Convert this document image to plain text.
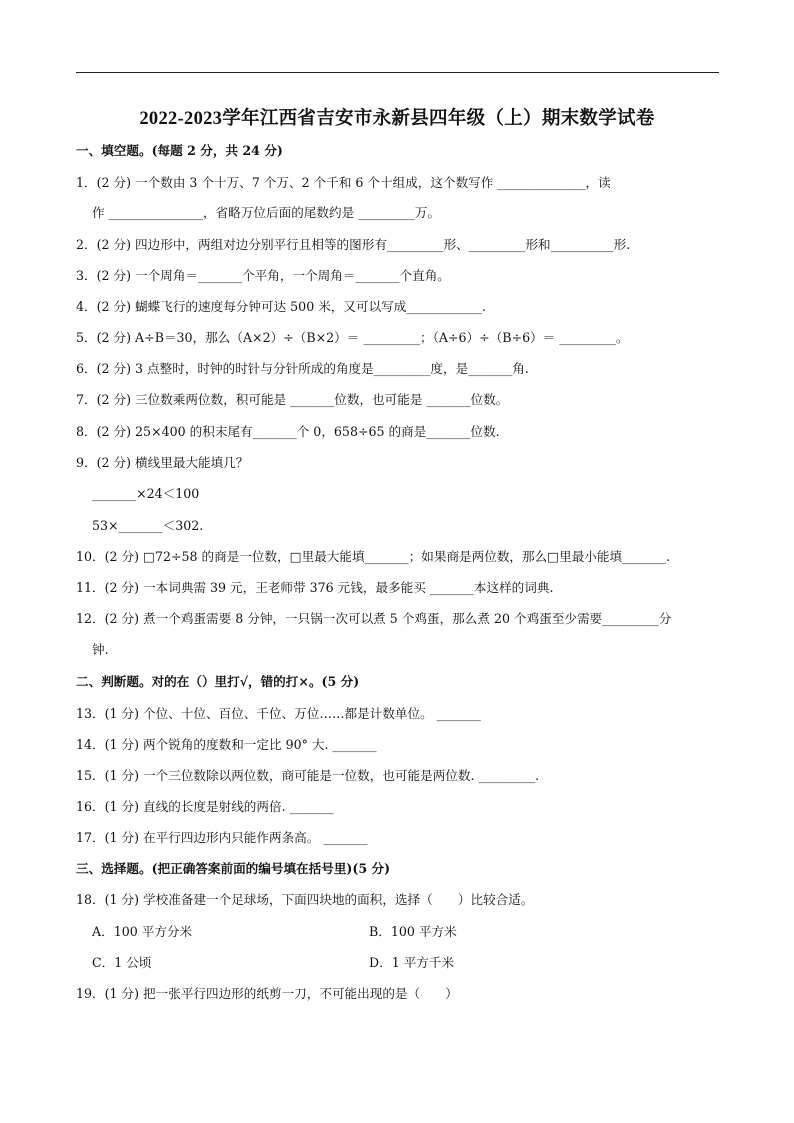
2022-2023学年江西省吉安市永新县四年级（上）期末数学试卷
一、填空题。(每题 2 分，共 24 分)
1．(2 分) 一个数由 3 个十万、7 个万、2 个千和 6 个十组成，这个数写作 ______________，读
作 _______________，省略万位后面的尾数约是 _________万。
2．(2 分) 四边形中，两组对边分别平行且相等的图形有_________形、_________形和__________形.
3．(2 分) 一个周角＝_______个平角，一个周角＝_______个直角。
4．(2 分) 蝴蝶飞行的速度每分钟可达 500 米，又可以写成____________.
5．(2 分) A÷B＝30，那么（A×2）÷（B×2）＝ _________；（A÷6）÷（B÷6）＝ _________。
6．(2 分) 3 点整时，时钟的时针与分针所成的角度是_________度，是_______角.
7．(2 分) 三位数乘两位数，积可能是 _______位数，也可能是 _______位数。
8．(2 分) 25×400 的积末尾有_______个 0，658÷65 的商是_______位数.
9．(2 分) 横线里最大能填几？
_______×24＜100
53×_______＜302.
10．(2 分) □72÷58 的商是一位数，□里最大能填_______；如果商是两位数，那么□里最小能填_______.
11．(2 分) 一本词典需 39 元，王老师带 376 元钱，最多能买 _______本这样的词典.
12．(2 分) 煮一个鸡蛋需要 8 分钟，一只锅一次可以煮 5 个鸡蛋，那么煮 20 个鸡蛋至少需要_________分
钟.
二、判断题。对的在（）里打√，错的打×。(5 分)
13．(1 分) 个位、十位、百位、千位、万位……都是计数单位。 _______
14．(1 分) 两个锐角的度数和一定比 90° 大. _______
15．(1 分) 一个三位数除以两位数，商可能是一位数，也可能是两位数. _________.
16．(1 分) 直线的长度是射线的两倍. _______
17．(1 分) 在平行四边形内只能作两条高。 _______
三、选择题。(把正确答案前面的编号填在括号里)(5 分)
18．(1 分) 学校准备建一个足球场，下面四块地的面积，选择（　　）比较合适。
A．100 平方分米	B．100 平方米
C．1 公顷	D．1 平方千米
19．(1 分) 把一张平行四边形的纸剪一刀，不可能出现的是（　　）
